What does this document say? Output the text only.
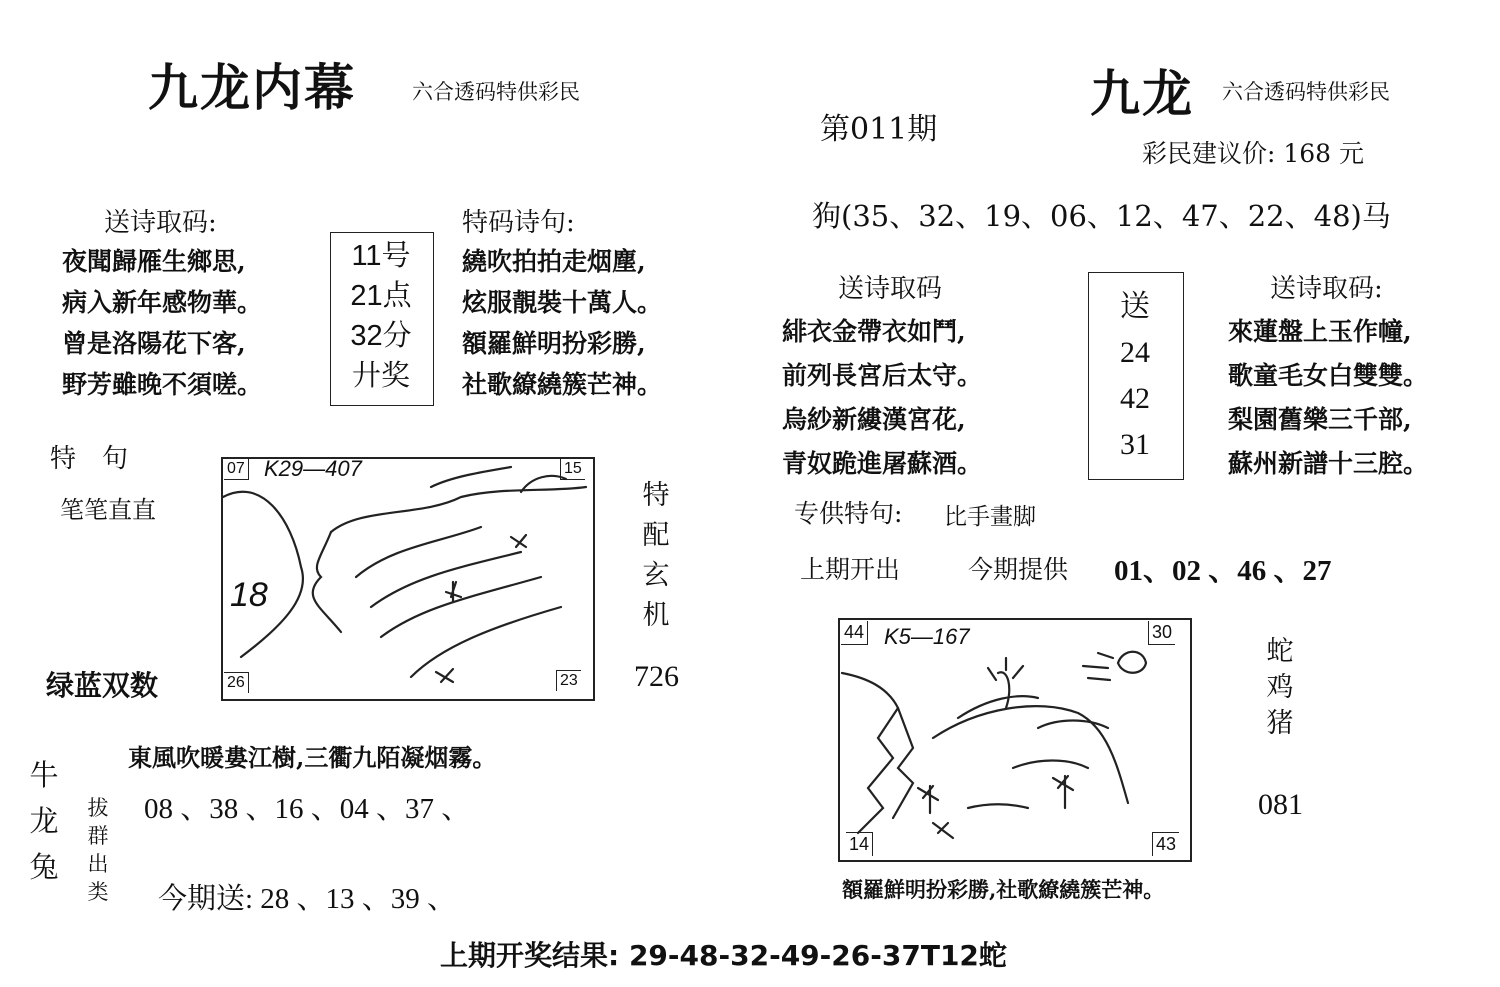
九龙内幕	六合透码特供彩民
送诗取码:
夜聞歸雁生鄉思,
病入新年感物華。
曾是洛陽花下客,
野芳雖晚不須嗟。
11号
21点
32分
廾奖
特码诗句:
繞吹拍拍走烟塵,
炫服靚裝十萬人。
額羅鮮明扮彩勝,
社歌繚繞簇芒神。
特　句
笔笔直直
绿蓝双数
07	15
26	23
K29—407
18
特
配
玄
机
726
東風吹暖婁江樹,三衢九陌凝烟霧。
牛
龙
兔
拔
群
出
类
08 、38 、16 、04 、37 、
今期送: 28 、13 、39 、
第011期
九龙 六合透码特供彩民
彩民建议价: 168 元
狗(35、32、19、06、12、47、22、48)马
送诗取码
緋衣金帶衣如鬥,
前列長宮后太守。
烏紗新縷漢宮花,
青奴跪進屠蘇酒。
送
24
42
31
送诗取码:
來蓮盤上玉作幢,
歌童毛女白雙雙。
梨園舊樂三千部,
蘇州新譜十三腔。
专供特句: 比手畫脚
上期开出	今期提供 01、02 、46 、27
44	30
14	43
K5—167	蛇
鸡
猪
081
額羅鮮明扮彩勝,社歌繚繞簇芒神。
上期开奖结果: 29-48-32-49-26-37T12蛇
